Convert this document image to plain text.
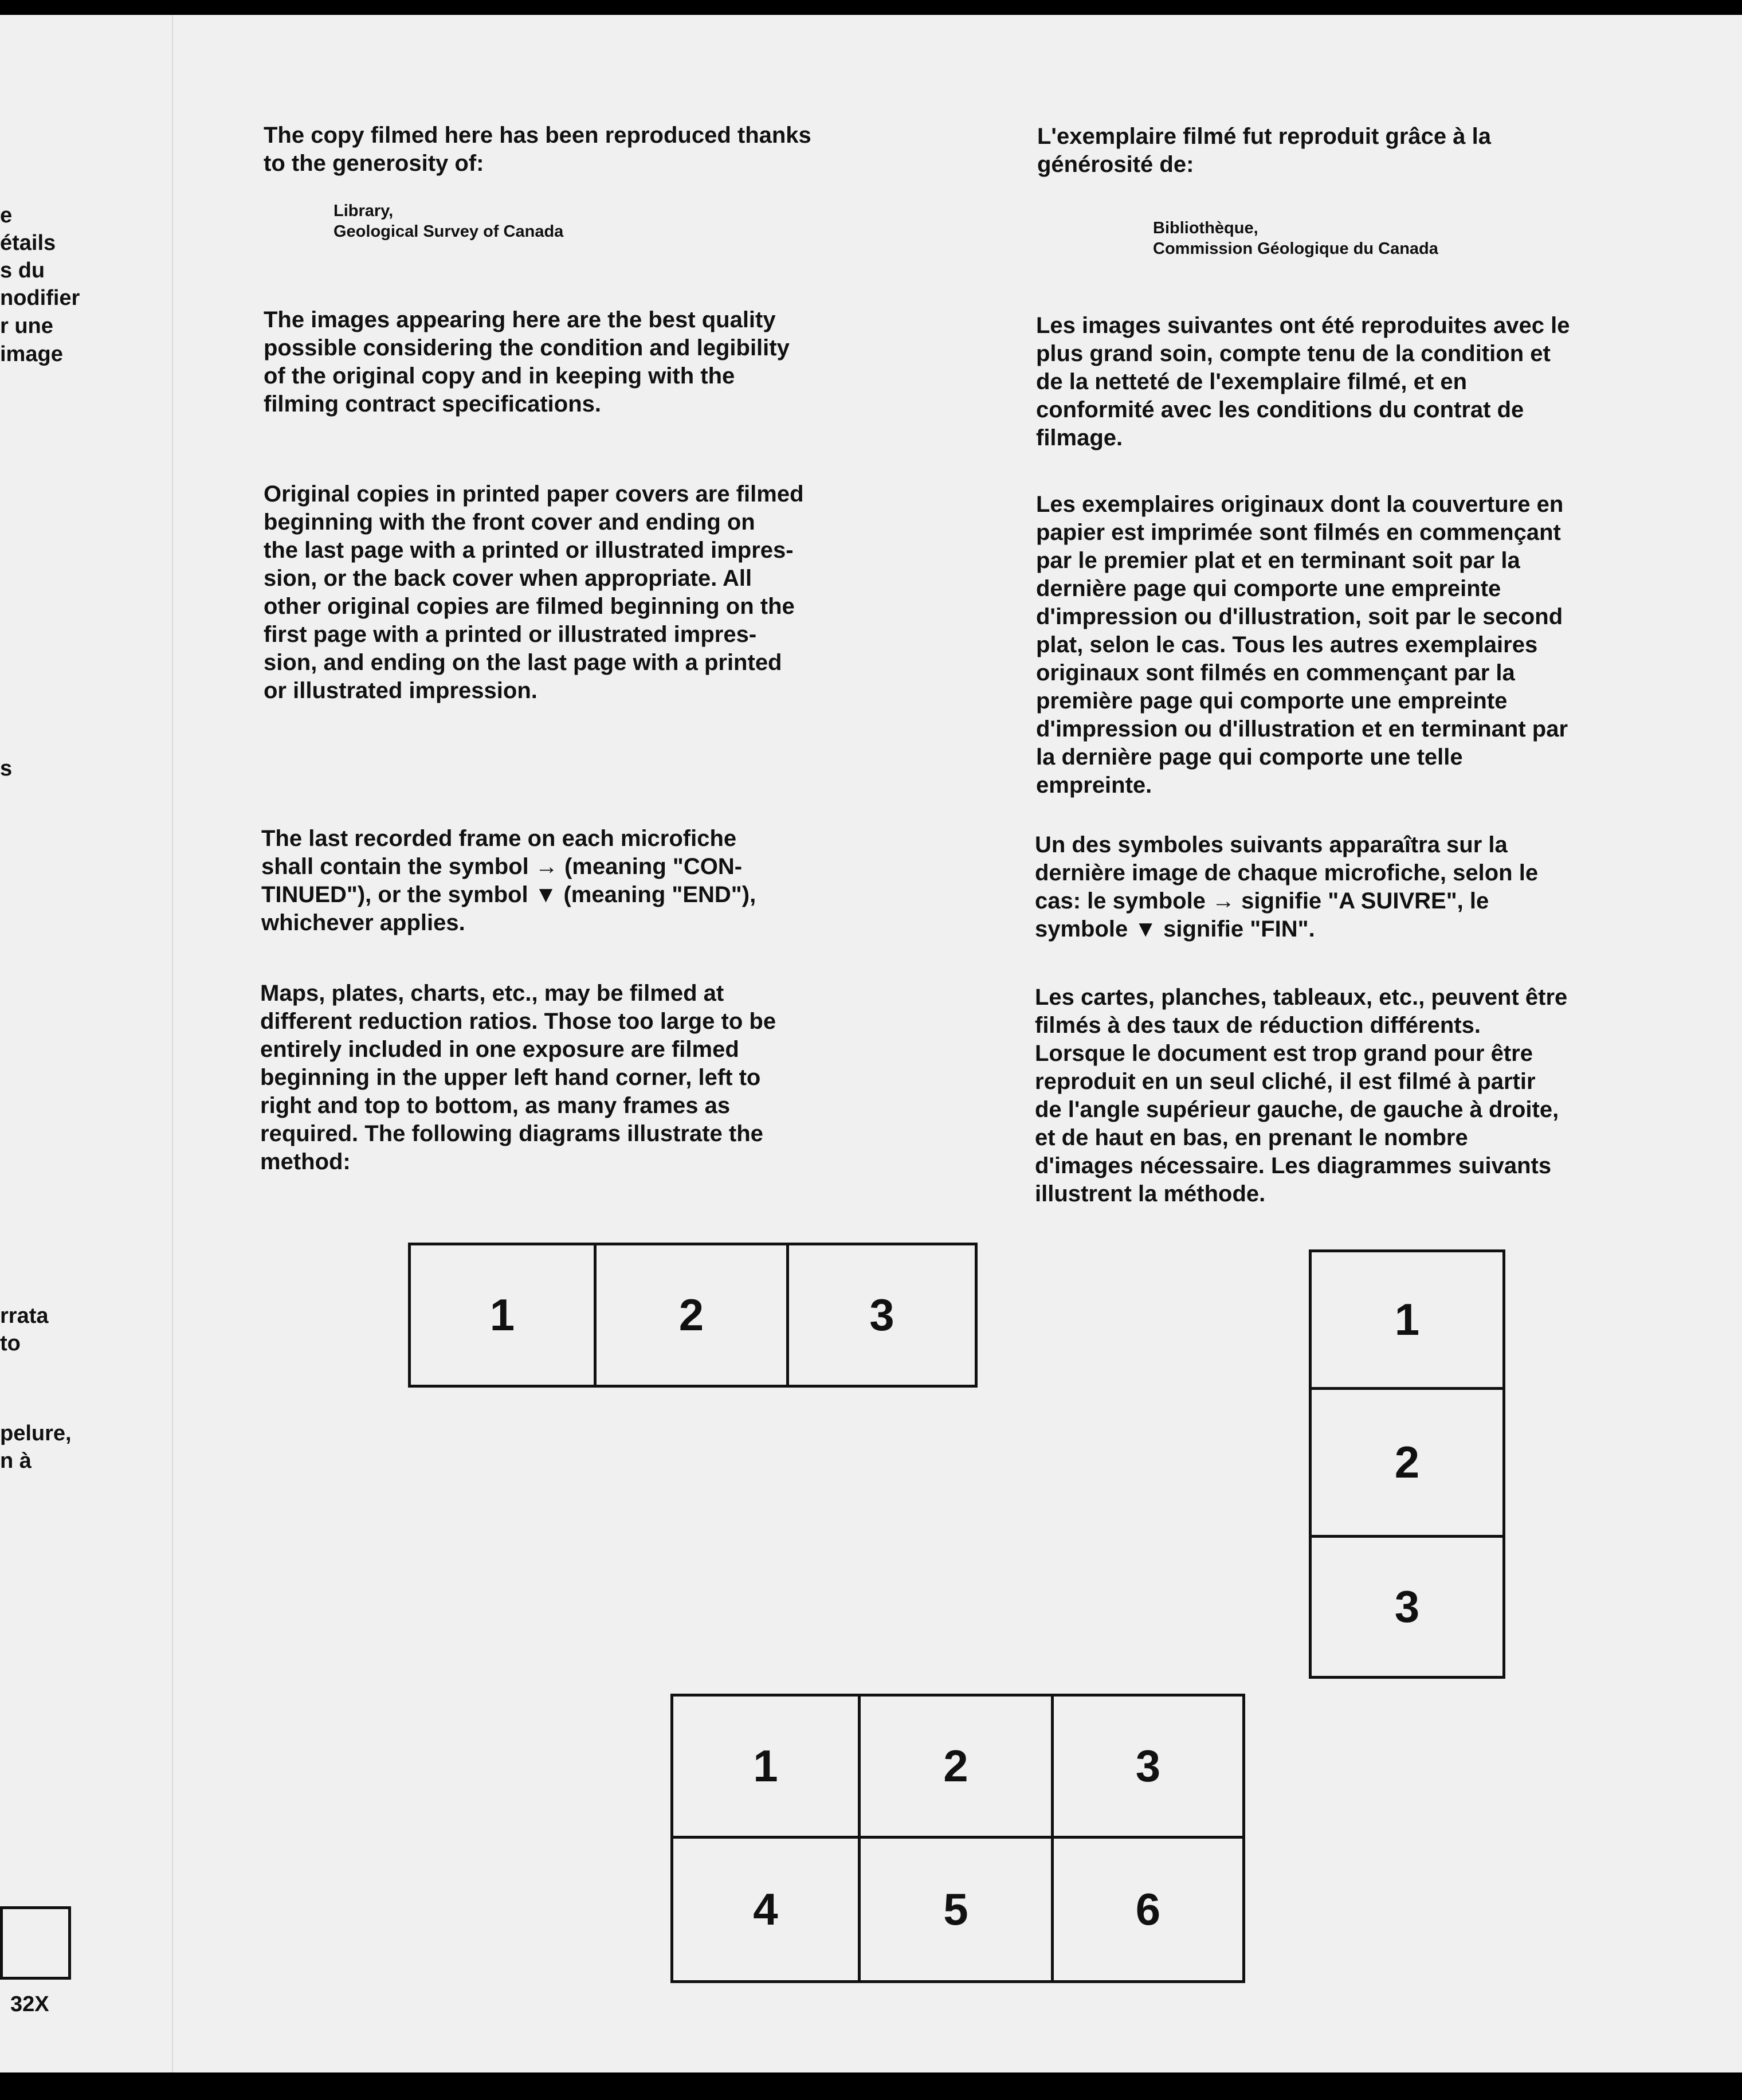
e
étails
s du
nodifier
r une
image
s
rrata
to
pelure,
n à
32X
The copy filmed here has been reproduced thanks
to the generosity of:
Library,
Geological Survey of Canada
The images appearing here are the best quality
possible considering the condition and legibility
of the original copy and in keeping with the
filming contract specifications.
Original copies in printed paper covers are filmed
beginning with the front cover and ending on
the last page with a printed or illustrated impres-
sion, or the back cover when appropriate. All
other original copies are filmed beginning on the
first page with a printed or illustrated impres-
sion, and ending on the last page with a printed
or illustrated impression.
The last recorded frame on each microfiche
shall contain the symbol → (meaning "CON-
TINUED"), or the symbol ▼ (meaning "END"),
whichever applies.
Maps, plates, charts, etc., may be filmed at
different reduction ratios. Those too large to be
entirely included in one exposure are filmed
beginning in the upper left hand corner, left to
right and top to bottom, as many frames as
required. The following diagrams illustrate the
method:
L'exemplaire filmé fut reproduit grâce à la
générosité de:
Bibliothèque,
Commission Géologique du Canada
Les images suivantes ont été reproduites avec le
plus grand soin, compte tenu de la condition et
de la netteté de l'exemplaire filmé, et en
conformité avec les conditions du contrat de
filmage.
Les exemplaires originaux dont la couverture en
papier est imprimée sont filmés en commençant
par le premier plat et en terminant soit par la
dernière page qui comporte une empreinte
d'impression ou d'illustration, soit par le second
plat, selon le cas. Tous les autres exemplaires
originaux sont filmés en commençant par la
première page qui comporte une empreinte
d'impression ou d'illustration et en terminant par
la dernière page qui comporte une telle
empreinte.
Un des symboles suivants apparaîtra sur la
dernière image de chaque microfiche, selon le
cas: le symbole → signifie "A SUIVRE", le
symbole ▼ signifie "FIN".
Les cartes, planches, tableaux, etc., peuvent être
filmés à des taux de réduction différents.
Lorsque le document est trop grand pour être
reproduit en un seul cliché, il est filmé à partir
de l'angle supérieur gauche, de gauche à droite,
et de haut en bas, en prenant le nombre
d'images nécessaire. Les diagrammes suivants
illustrent la méthode.
1	2	3	1
2
3
1	2	3
4	5	6
